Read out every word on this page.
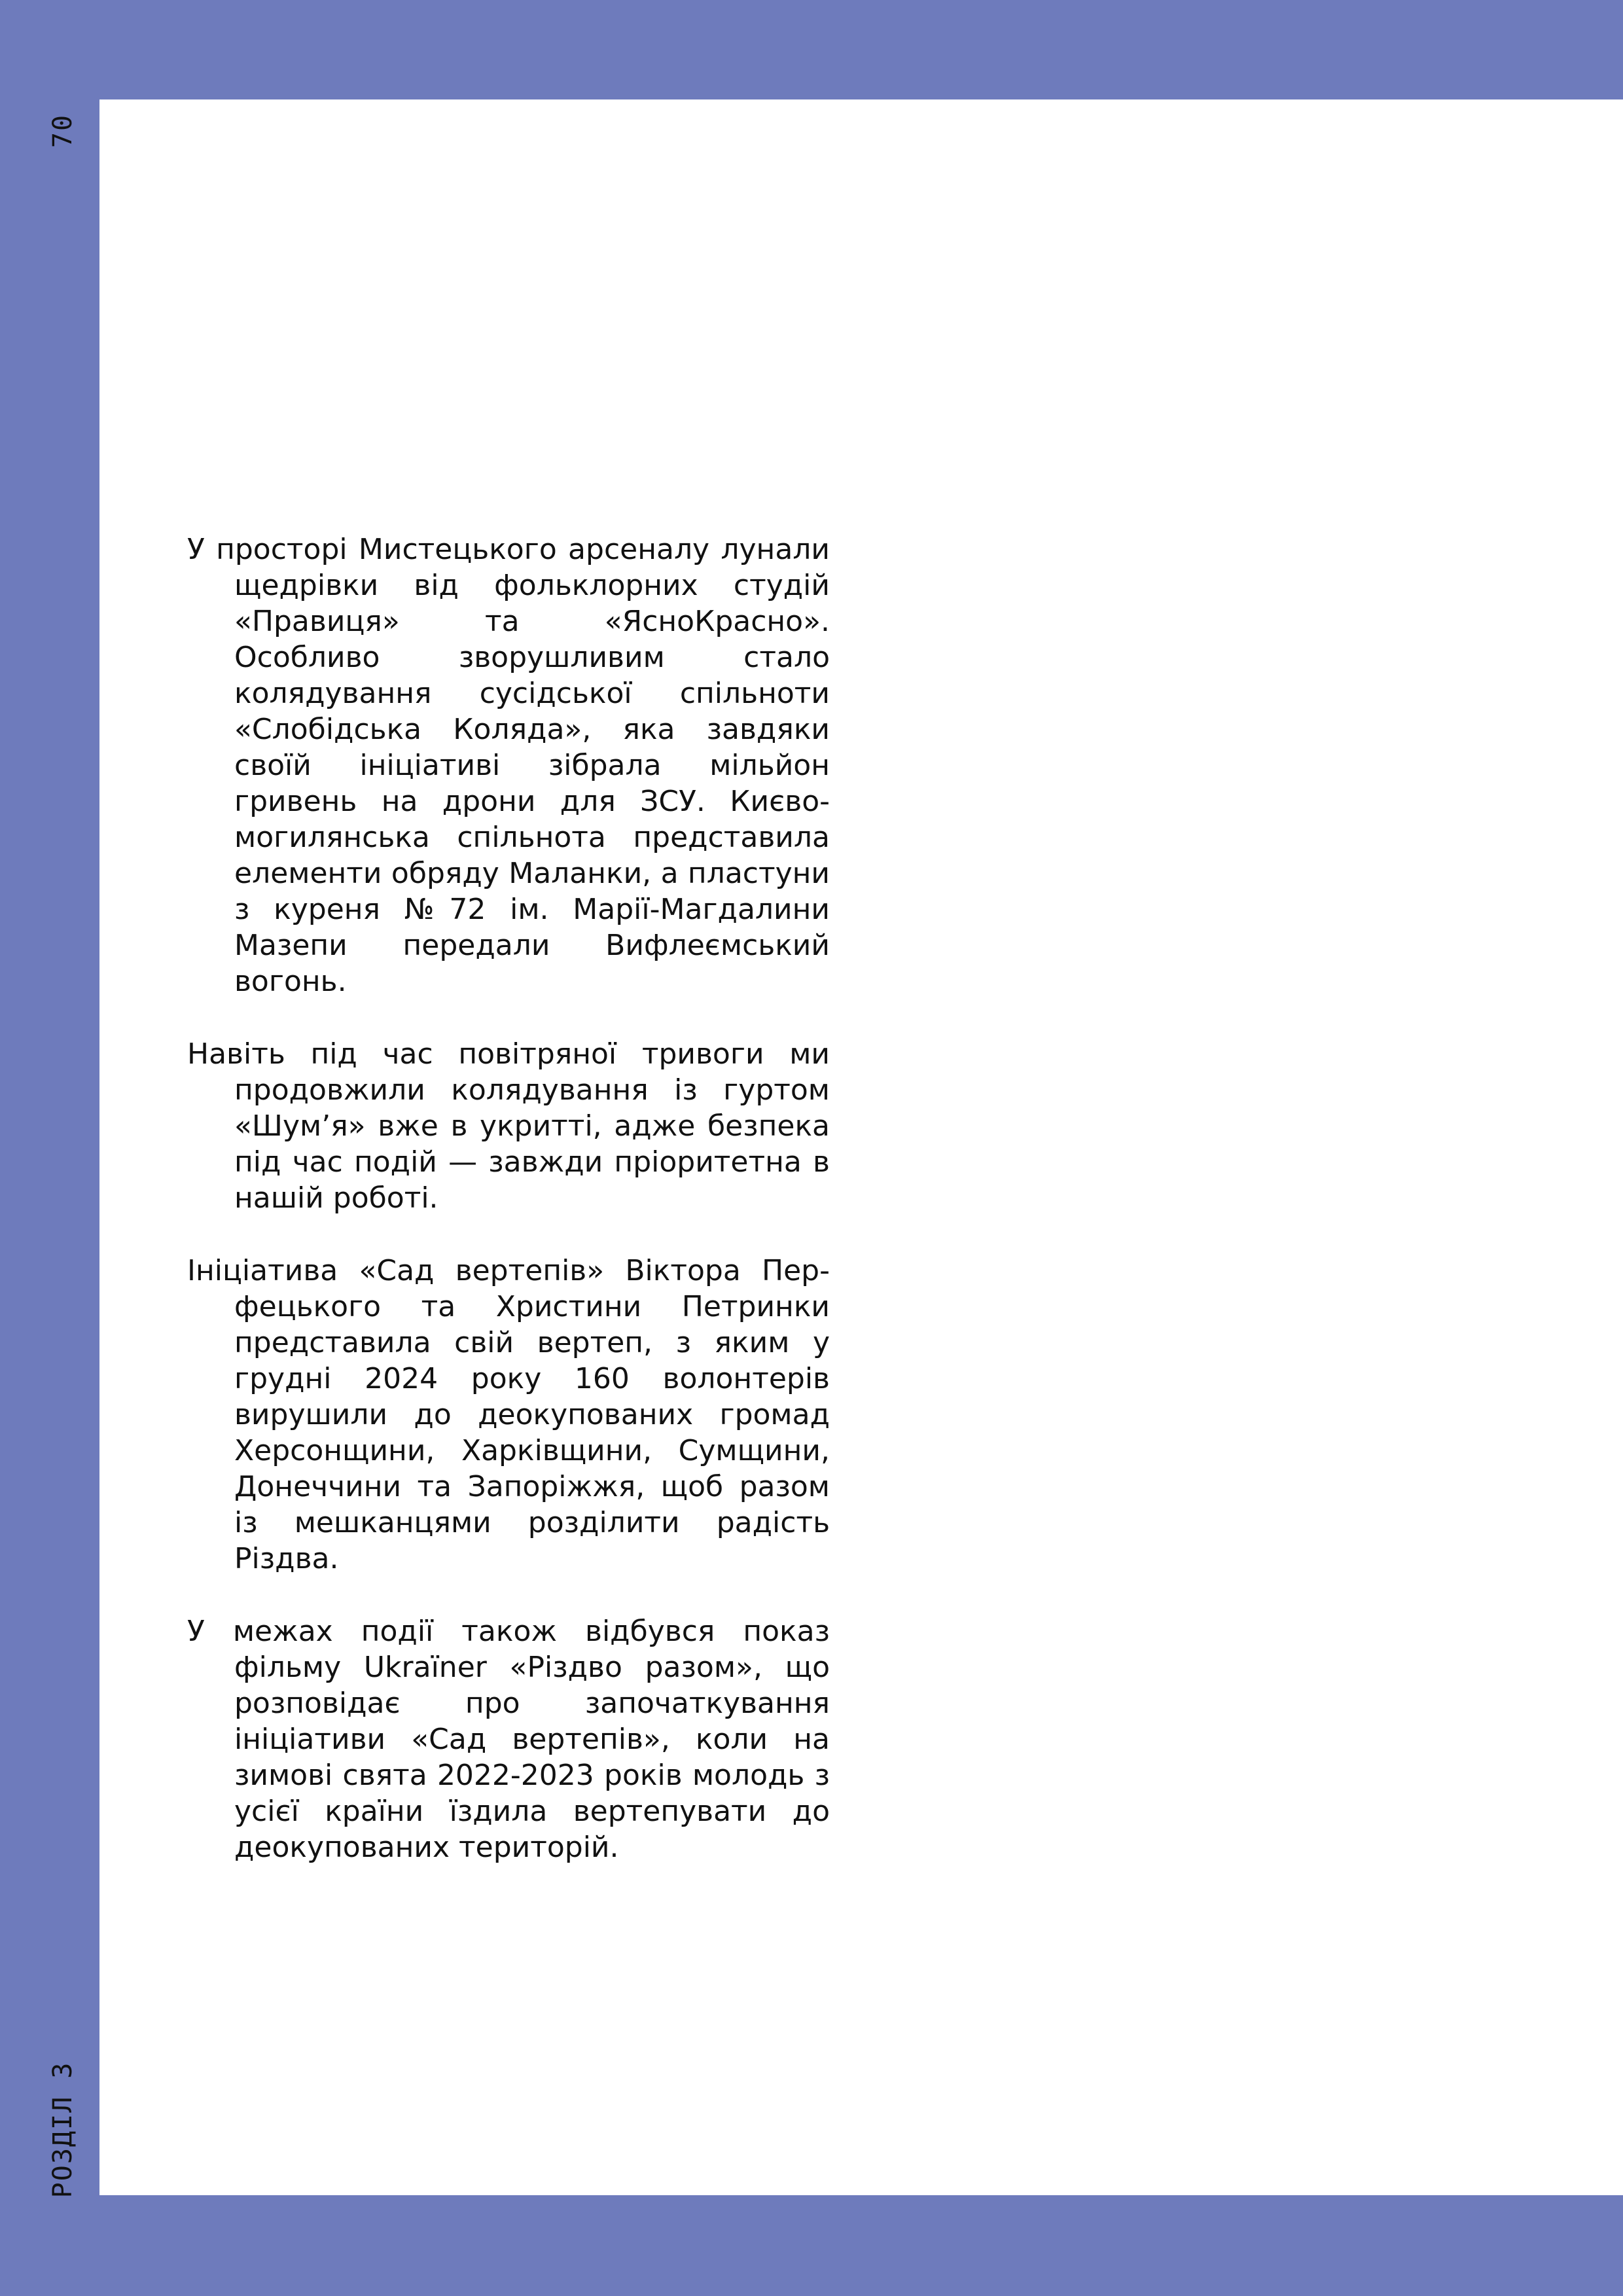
70
РОЗДІЛ 3

У просторі Мистецького арсеналу лунали щедрівки від фольклорних студій «Правиця» та «ЯсноКрасно». Особливо зворушливим стало колядування сусідської спільноти «Слобідська Коляда», яка завдяки своїй ініціативі зібрала мільйон гривень на дрони для ЗСУ. Києво-могилянська спільнота представила елементи обряду Маланки, а пластуни з куреня №72 ім. Марії-Магдалини Мазепи передали Вифлеємський вогонь.

Навіть під час повітряної тривоги ми продовжили колядування із гуртом «Шум’я» вже в укритті, адже безпека під час подій — завжди пріоритетна в нашій роботі.

Ініціатива «Сад вертепів» Віктора Перфецького та Христини Петринки представила свій вертеп, з яким у грудні 2024 року 160 волонтерів вирушили до деокупованих громад Херсонщини, Харківщини, Сумщини, Донеччини та Запоріжжя, щоб разом із мешканцями розділити радість Різдва.

У межах події також відбувся показ фільму Ukraїner «Різдво разом», що розповідає про започаткування ініціативи «Сад вертепів», коли на зимові свята 2022-2023 років молодь з усієї країни їздила вертепувати до деокупованих територій.
